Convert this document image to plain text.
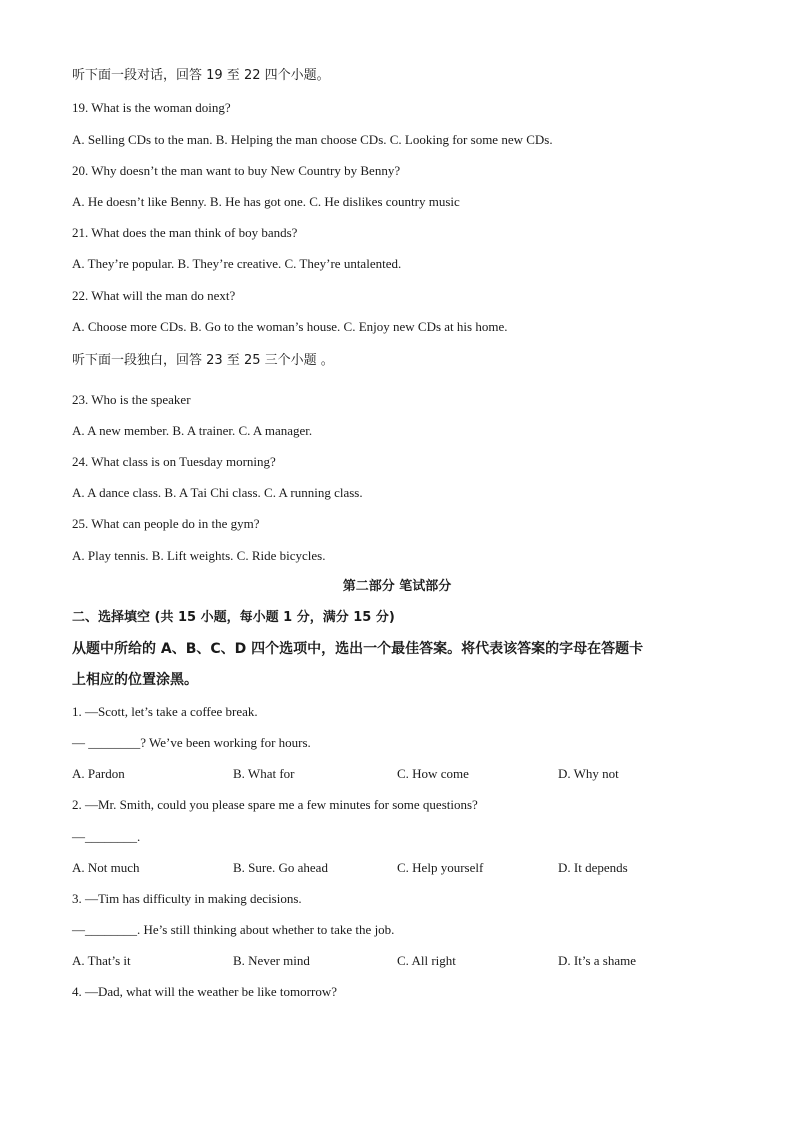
听下面一段对话，回答 19 至 22 四个小题。
19. What is the woman doing?
A. Selling CDs to the man. B. Helping the man choose CDs. C. Looking for some new CDs.
20. Why doesn’t the man want to buy New Country by Benny?
A. He doesn’t like Benny. B. He has got one. C. He dislikes country music
21. What does the man think of boy bands?
A. They’re popular. B. They’re creative. C. They’re untalented.
22. What will the man do next?
A. Choose more CDs. B. Go to the woman’s house. C. Enjoy new CDs at his home.
听下面一段独白，回答 23 至 25 三个小题 。
23. Who is the speaker
A. A new member. B. A trainer. C. A manager.
24. What class is on Tuesday morning?
A. A dance class. B. A Tai Chi class. C. A running class.
25. What can people do in the gym?
A. Play tennis. B. Lift weights. C. Ride bicycles.
第二部分 笔试部分
二、选择填空 (共 15 小题，每小题 1 分，满分 15 分)
从题中所给的 A、B、C、D 四个选项中，选出一个最佳答案。将代表该答案的字母在答题卡
上相应的位置涂黑。
1. —Scott, let’s take a coffee break.
— ________? We’ve been working for hours.
A. Pardon	B. What for	C. How come	D. Why not
2. —Mr. Smith, could you please spare me a few minutes for some questions?
—________.
A. Not much	B. Sure. Go ahead	C. Help yourself	D. It depends
3. —Tim has difficulty in making decisions.
—________. He’s still thinking about whether to take the job.
A. That’s it	B. Never mind	C. All right	D. It’s a shame
4. —Dad, what will the weather be like tomorrow?
